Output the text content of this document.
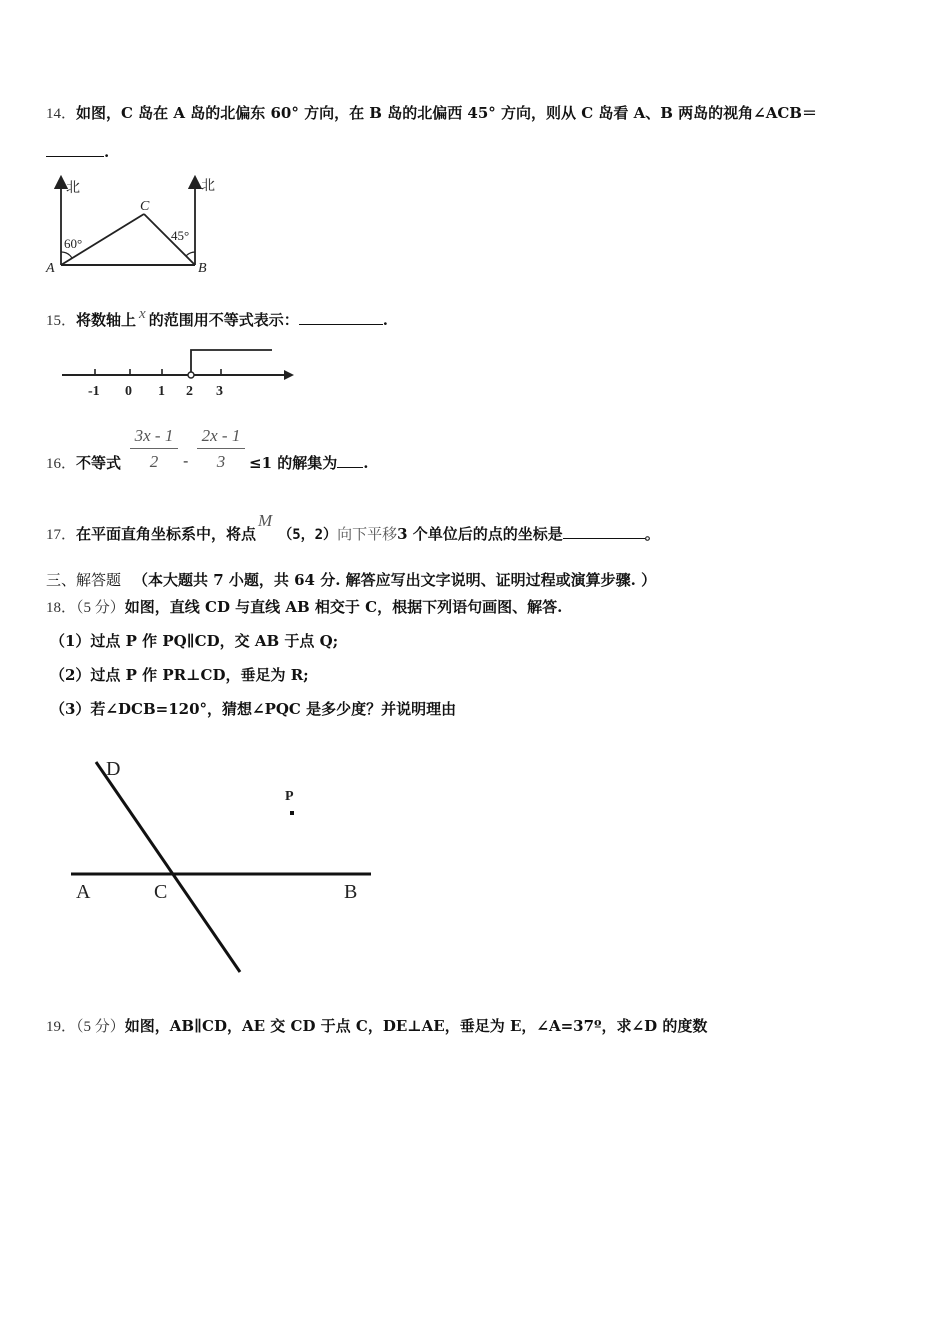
14．如图，C 岛在 A 岛的北偏东 60° 方向，在 B 岛的北偏西 45° 方向，则从 C 岛看 A、B 两岛的视角∠ACB＝
.
北	北
C
A	B
60°
45°
15．将数轴上 x 的范围用不等式表示：	.
-1 0 1 2 3
16．不等式
3x - 1
2	-
2x - 1
3	≤1 的解集为 .
17．在平面直角坐标系中，将点M（5，2）向下平移3 个单位后的点的坐标是	。
三、解答题 （本大题共 7 小题，共 64 分. 解答应写出文字说明、证明过程或演算步骤. ）
18．（5 分）如图，直线 CD 与直线 AB 相交于 C，根据下列语句画图、解答.
（1）过点 P 作 PQ∥CD，交 AB 于点 Q;
（2）过点 P 作 PR⊥CD，垂足为 R;
（3）若∠DCB=120°，猜想∠PQC 是多少度？并说明理由
D
P
A	C	B
19．（5 分）如图，AB∥CD，AE 交 CD 于点 C，DE⊥AE，垂足为 E，∠A=37º，求∠D 的度数
